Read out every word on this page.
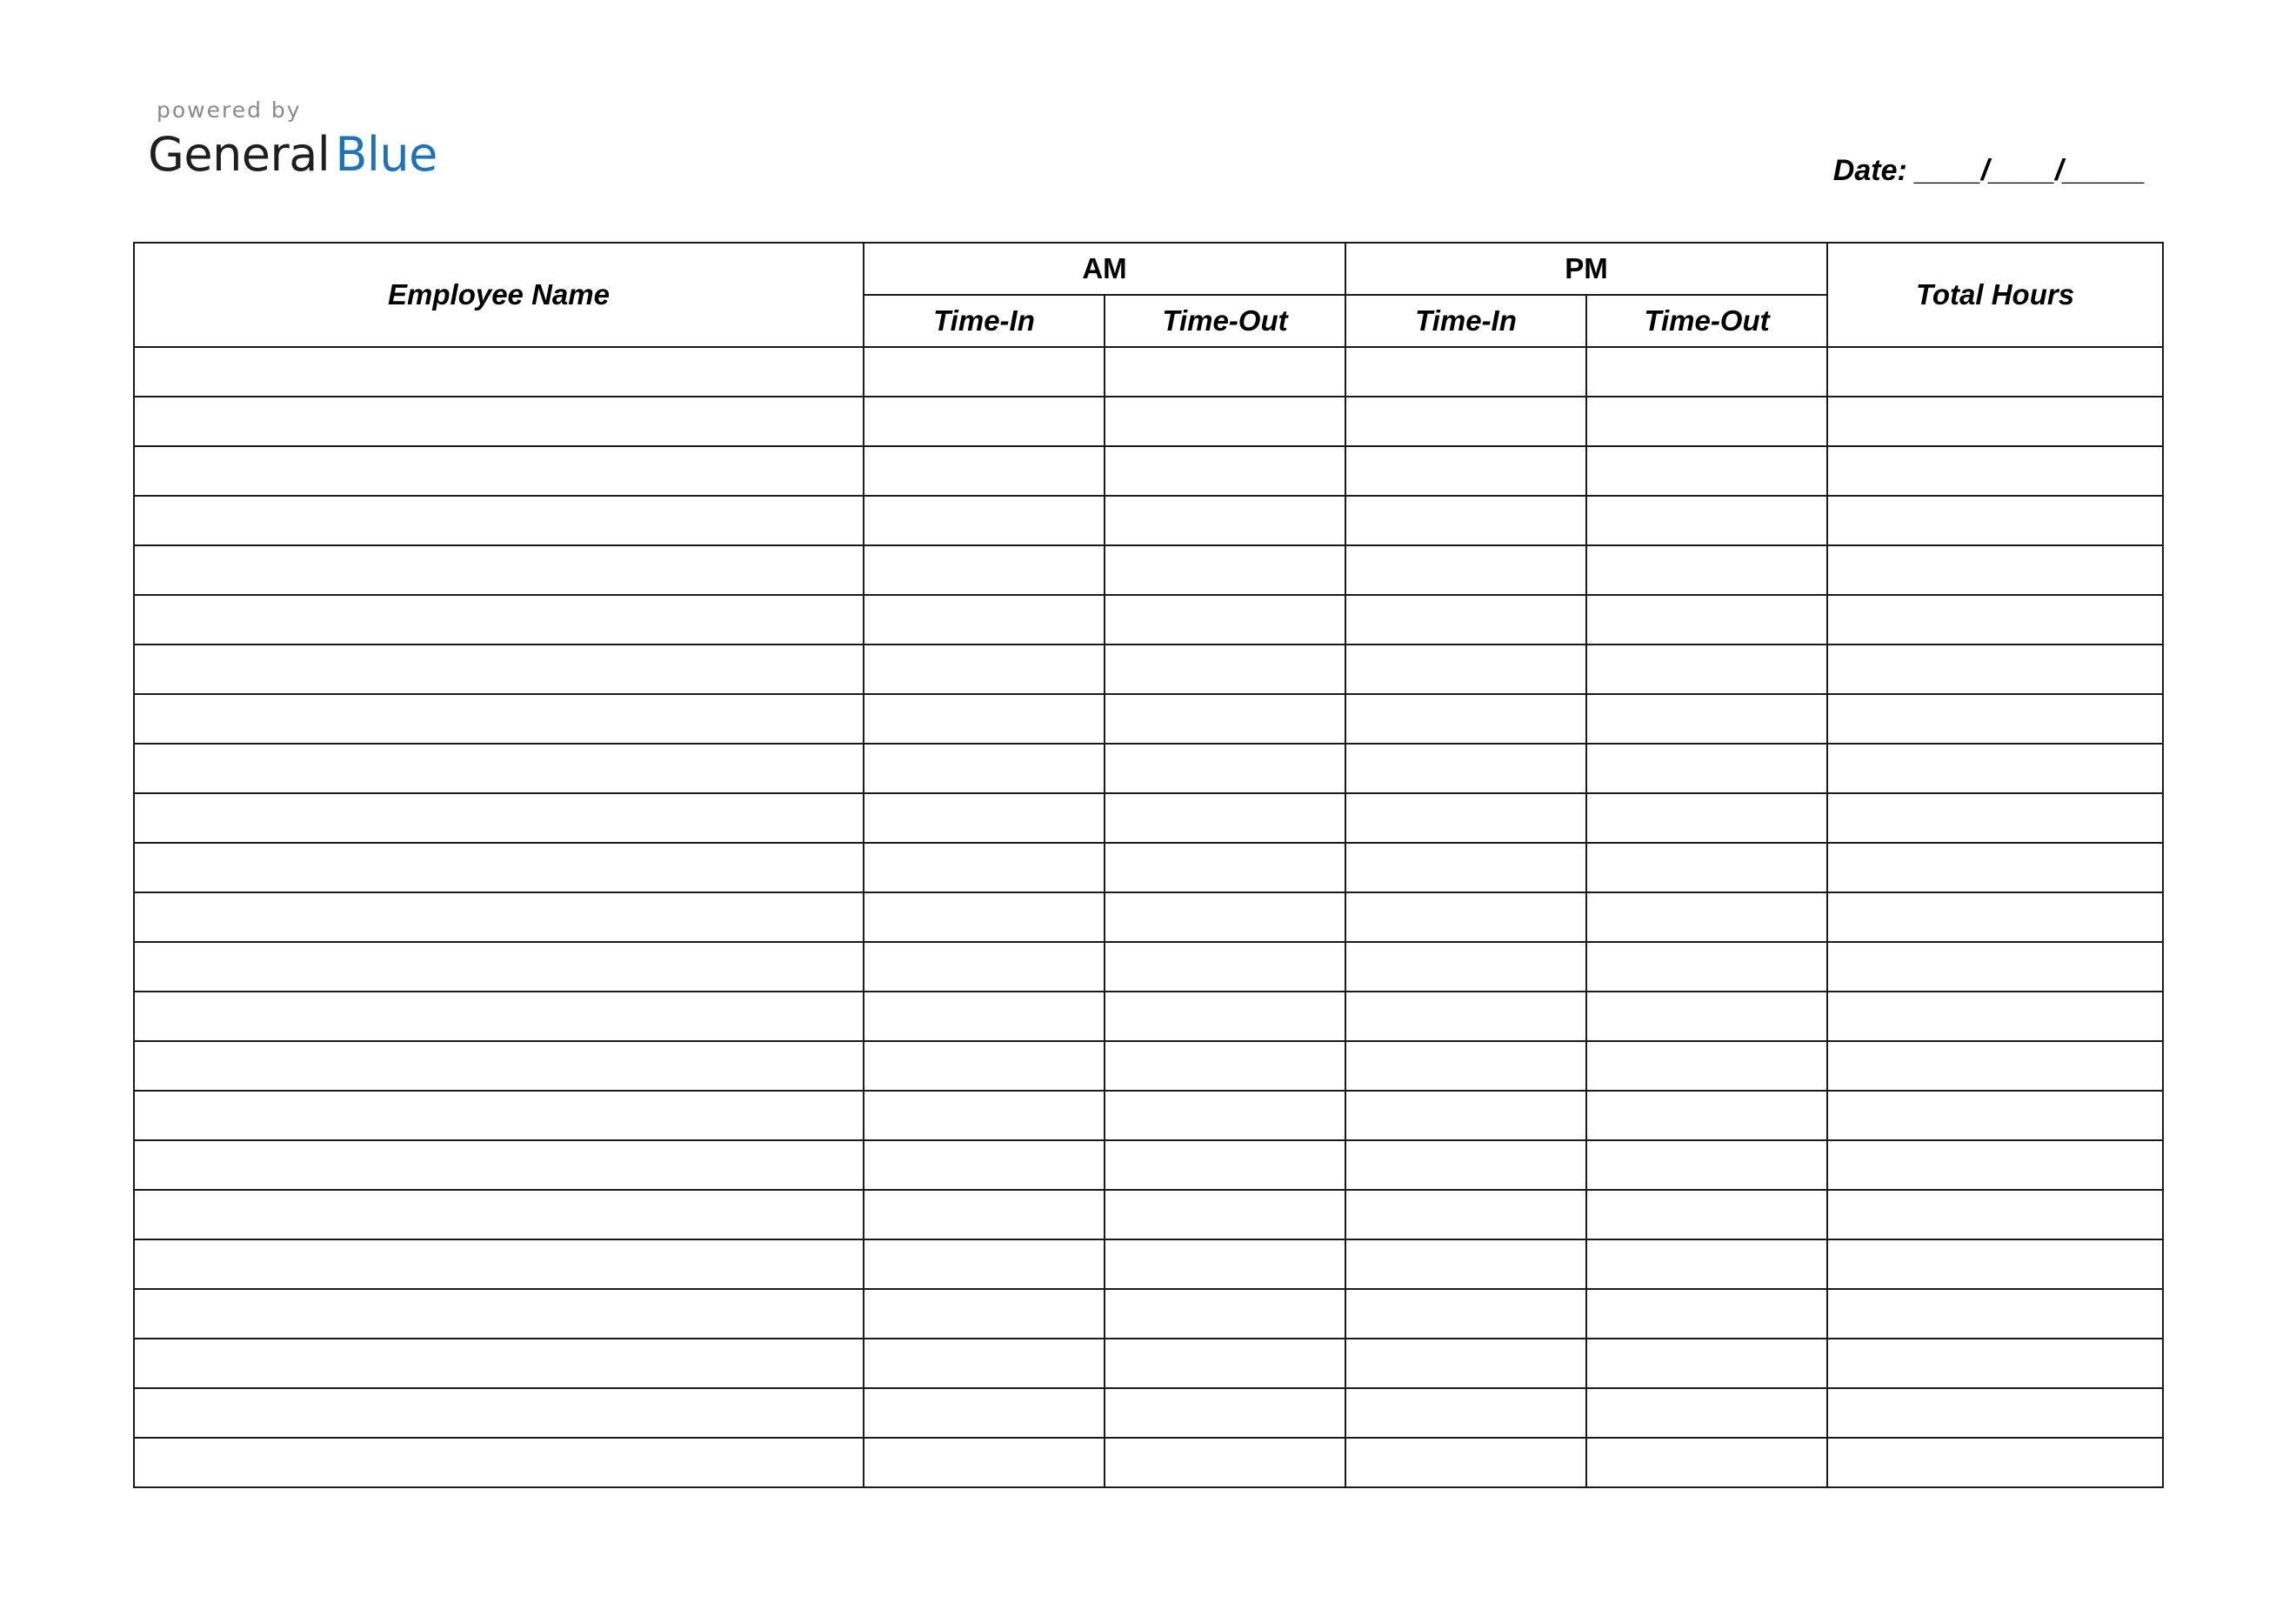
powered by
General Blue	Date: ____/____/_____
Employee Name	AM		PM		Total Hours
	Time-In	Time-Out	Time-In	Time-Out	
